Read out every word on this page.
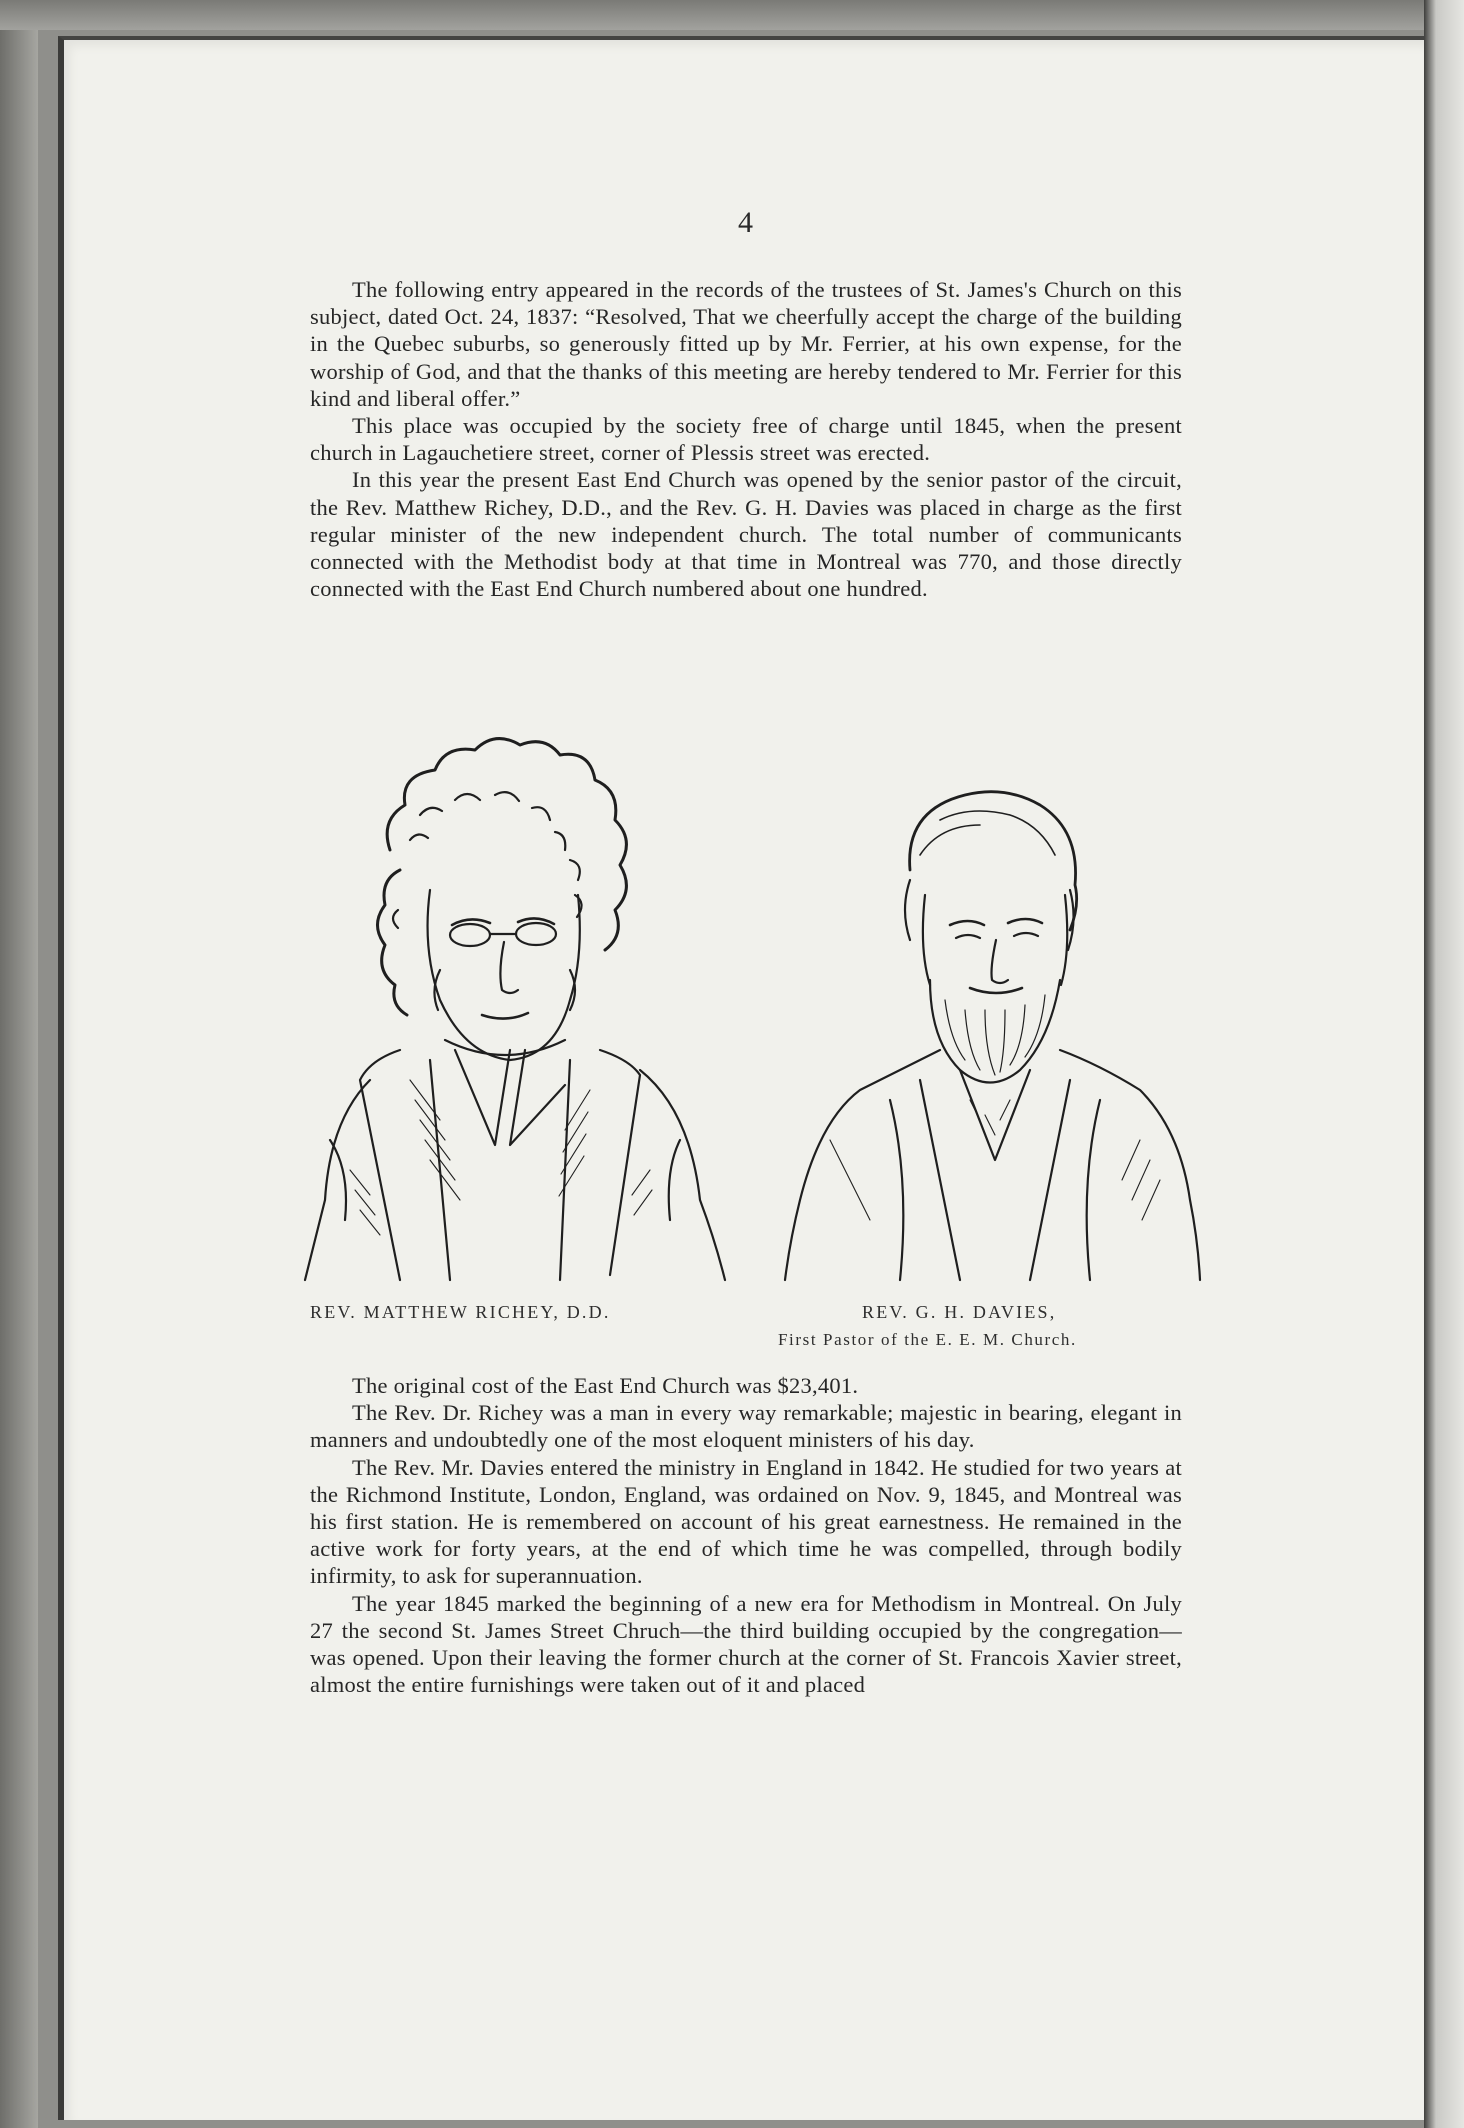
4

The following entry appeared in the records of the trustees of St. James's Church on this subject, dated Oct. 24, 1837: “Resolved, That we cheerfully accept the charge of the building in the Quebec suburbs, so generously fitted up by Mr. Ferrier, at his own expense, for the worship of God, and that the thanks of this meeting are hereby tendered to Mr. Ferrier for this kind and liberal offer.”

This place was occupied by the society free of charge until 1845, when the present church in Lagauchetiere street, corner of Plessis street was erected.

In this year the present East End Church was opened by the senior pastor of the circuit, the Rev. Matthew Richey, D.D., and the Rev. G. H. Davies was placed in charge as the first regular minister of the new independent church. The total number of communicants connected with the Methodist body at that time in Montreal was 770, and those directly connected with the East End Church numbered about one hundred.

REV. MATTHEW RICHEY, D.D.	REV. G. H. DAVIES,
First Pastor of the E. E. M. Church.

The original cost of the East End Church was $23,401.

The Rev. Dr. Richey was a man in every way remarkable; majestic in bearing, elegant in manners and undoubtedly one of the most eloquent ministers of his day.

The Rev. Mr. Davies entered the ministry in England in 1842. He studied for two years at the Richmond Institute, London, England, was ordained on Nov. 9, 1845, and Montreal was his first station. He is remembered on account of his great earnestness. He remained in the active work for forty years, at the end of which time he was compelled, through bodily infirmity, to ask for superannuation.

The year 1845 marked the beginning of a new era for Methodism in Montreal. On July 27 the second St. James Street Chruch—the third building occupied by the congregation—was opened. Upon their leaving the former church at the corner of St. Francois Xavier street, almost the entire furnishings were taken out of it and placed
